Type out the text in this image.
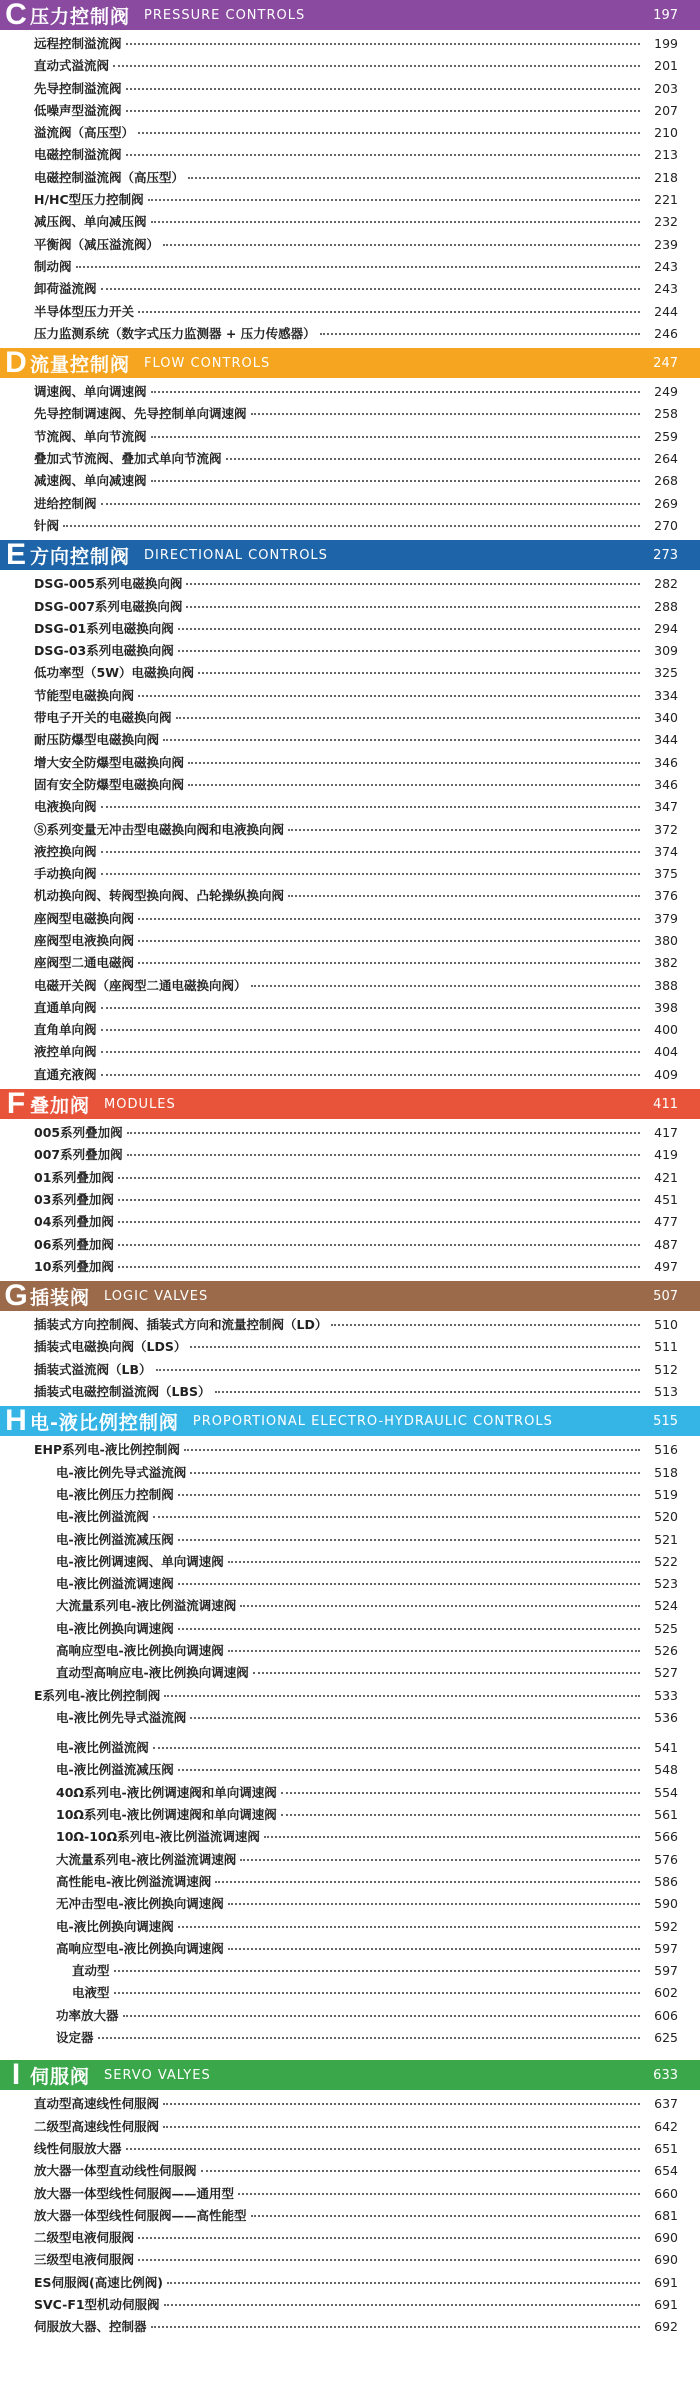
C 压力控制阀 PRESSURE CONTROLS	197
远程控制溢流阀	199
直动式溢流阀	201
先导控制溢流阀	203
低噪声型溢流阀	207
溢流阀（高压型）	210
电磁控制溢流阀	213
电磁控制溢流阀（高压型）	218
H/HC型压力控制阀	221
减压阀、单向减压阀	232
平衡阀（减压溢流阀）	239
制动阀	243
卸荷溢流阀	243
半导体型压力开关	244
压力监测系统（数字式压力监测器 + 压力传感器）	246
D 流量控制阀 FLOW CONTROLS	247
调速阀、单向调速阀	249
先导控制调速阀、先导控制单向调速阀	258
节流阀、单向节流阀	259
叠加式节流阀、叠加式单向节流阀	264
减速阀、单向减速阀	268
进给控制阀	269
针阀	270
E 方向控制阀 DIRECTIONAL CONTROLS	273
DSG-005系列电磁换向阀	282
DSG-007系列电磁换向阀	288
DSG-01系列电磁换向阀	294
DSG-03系列电磁换向阀	309
低功率型（5W）电磁换向阀	325
节能型电磁换向阀	334
带电子开关的电磁换向阀	340
耐压防爆型电磁换向阀	344
增大安全防爆型电磁换向阀	346
固有安全防爆型电磁换向阀	346
电液换向阀	347
Ⓢ系列变量无冲击型电磁换向阀和电液换向阀	372
液控换向阀	374
手动换向阀	375
机动换向阀、转阀型换向阀、凸轮操纵换向阀	376
座阀型电磁换向阀	379
座阀型电液换向阀	380
座阀型二通电磁阀	382
电磁开关阀（座阀型二通电磁换向阀）	388
直通单向阀	398
直角单向阀	400
液控单向阀	404
直通充液阀	409
F 叠加阀 MODULES	411
005系列叠加阀	417
007系列叠加阀	419
01系列叠加阀	421
03系列叠加阀	451
04系列叠加阀	477
06系列叠加阀	487
10系列叠加阀	497
G 插装阀 LOGIC VALVES	507
插装式方向控制阀、插装式方向和流量控制阀（LD）	510
插装式电磁换向阀（LDS）	511
插装式溢流阀（LB）	512
插装式电磁控制溢流阀（LBS）	513
H 电-液比例控制阀 PROPORTIONAL ELECTRO-HYDRAULIC CONTROLS	515
EHP系列电-液比例控制阀	516
电-液比例先导式溢流阀	518
电-液比例压力控制阀	519
电-液比例溢流阀	520
电-液比例溢流减压阀	521
电-液比例调速阀、单向调速阀	522
电-液比例溢流调速阀	523
大流量系列电-液比例溢流调速阀	524
电-液比例换向调速阀	525
高响应型电-液比例换向调速阀	526
直动型高响应电-液比例换向调速阀	527
E系列电-液比例控制阀	533
电-液比例先导式溢流阀	536
电-液比例溢流阀	541
电-液比例溢流减压阀	548
40Ω系列电-液比例调速阀和单向调速阀	554
10Ω系列电-液比例调速阀和单向调速阀	561
10Ω-10Ω系列电-液比例溢流调速阀	566
大流量系列电-液比例溢流调速阀	576
高性能电-液比例溢流调速阀	586
无冲击型电-液比例换向调速阀	590
电-液比例换向调速阀	592
高响应型电-液比例换向调速阀	597
直动型	597
电液型	602
功率放大器	606
设定器	625
I 伺服阀 SERVO VALYES	633
直动型高速线性伺服阀	637
二级型高速线性伺服阀	642
线性伺服放大器	651
放大器一体型直动线性伺服阀	654
放大器一体型线性伺服阀——通用型	660
放大器一体型线性伺服阀——高性能型	681
二级型电液伺服阀	690
三级型电液伺服阀	690
ES伺服阀(高速比例阀)	691
SVC-F1型机动伺服阀	691
伺服放大器、控制器	692
